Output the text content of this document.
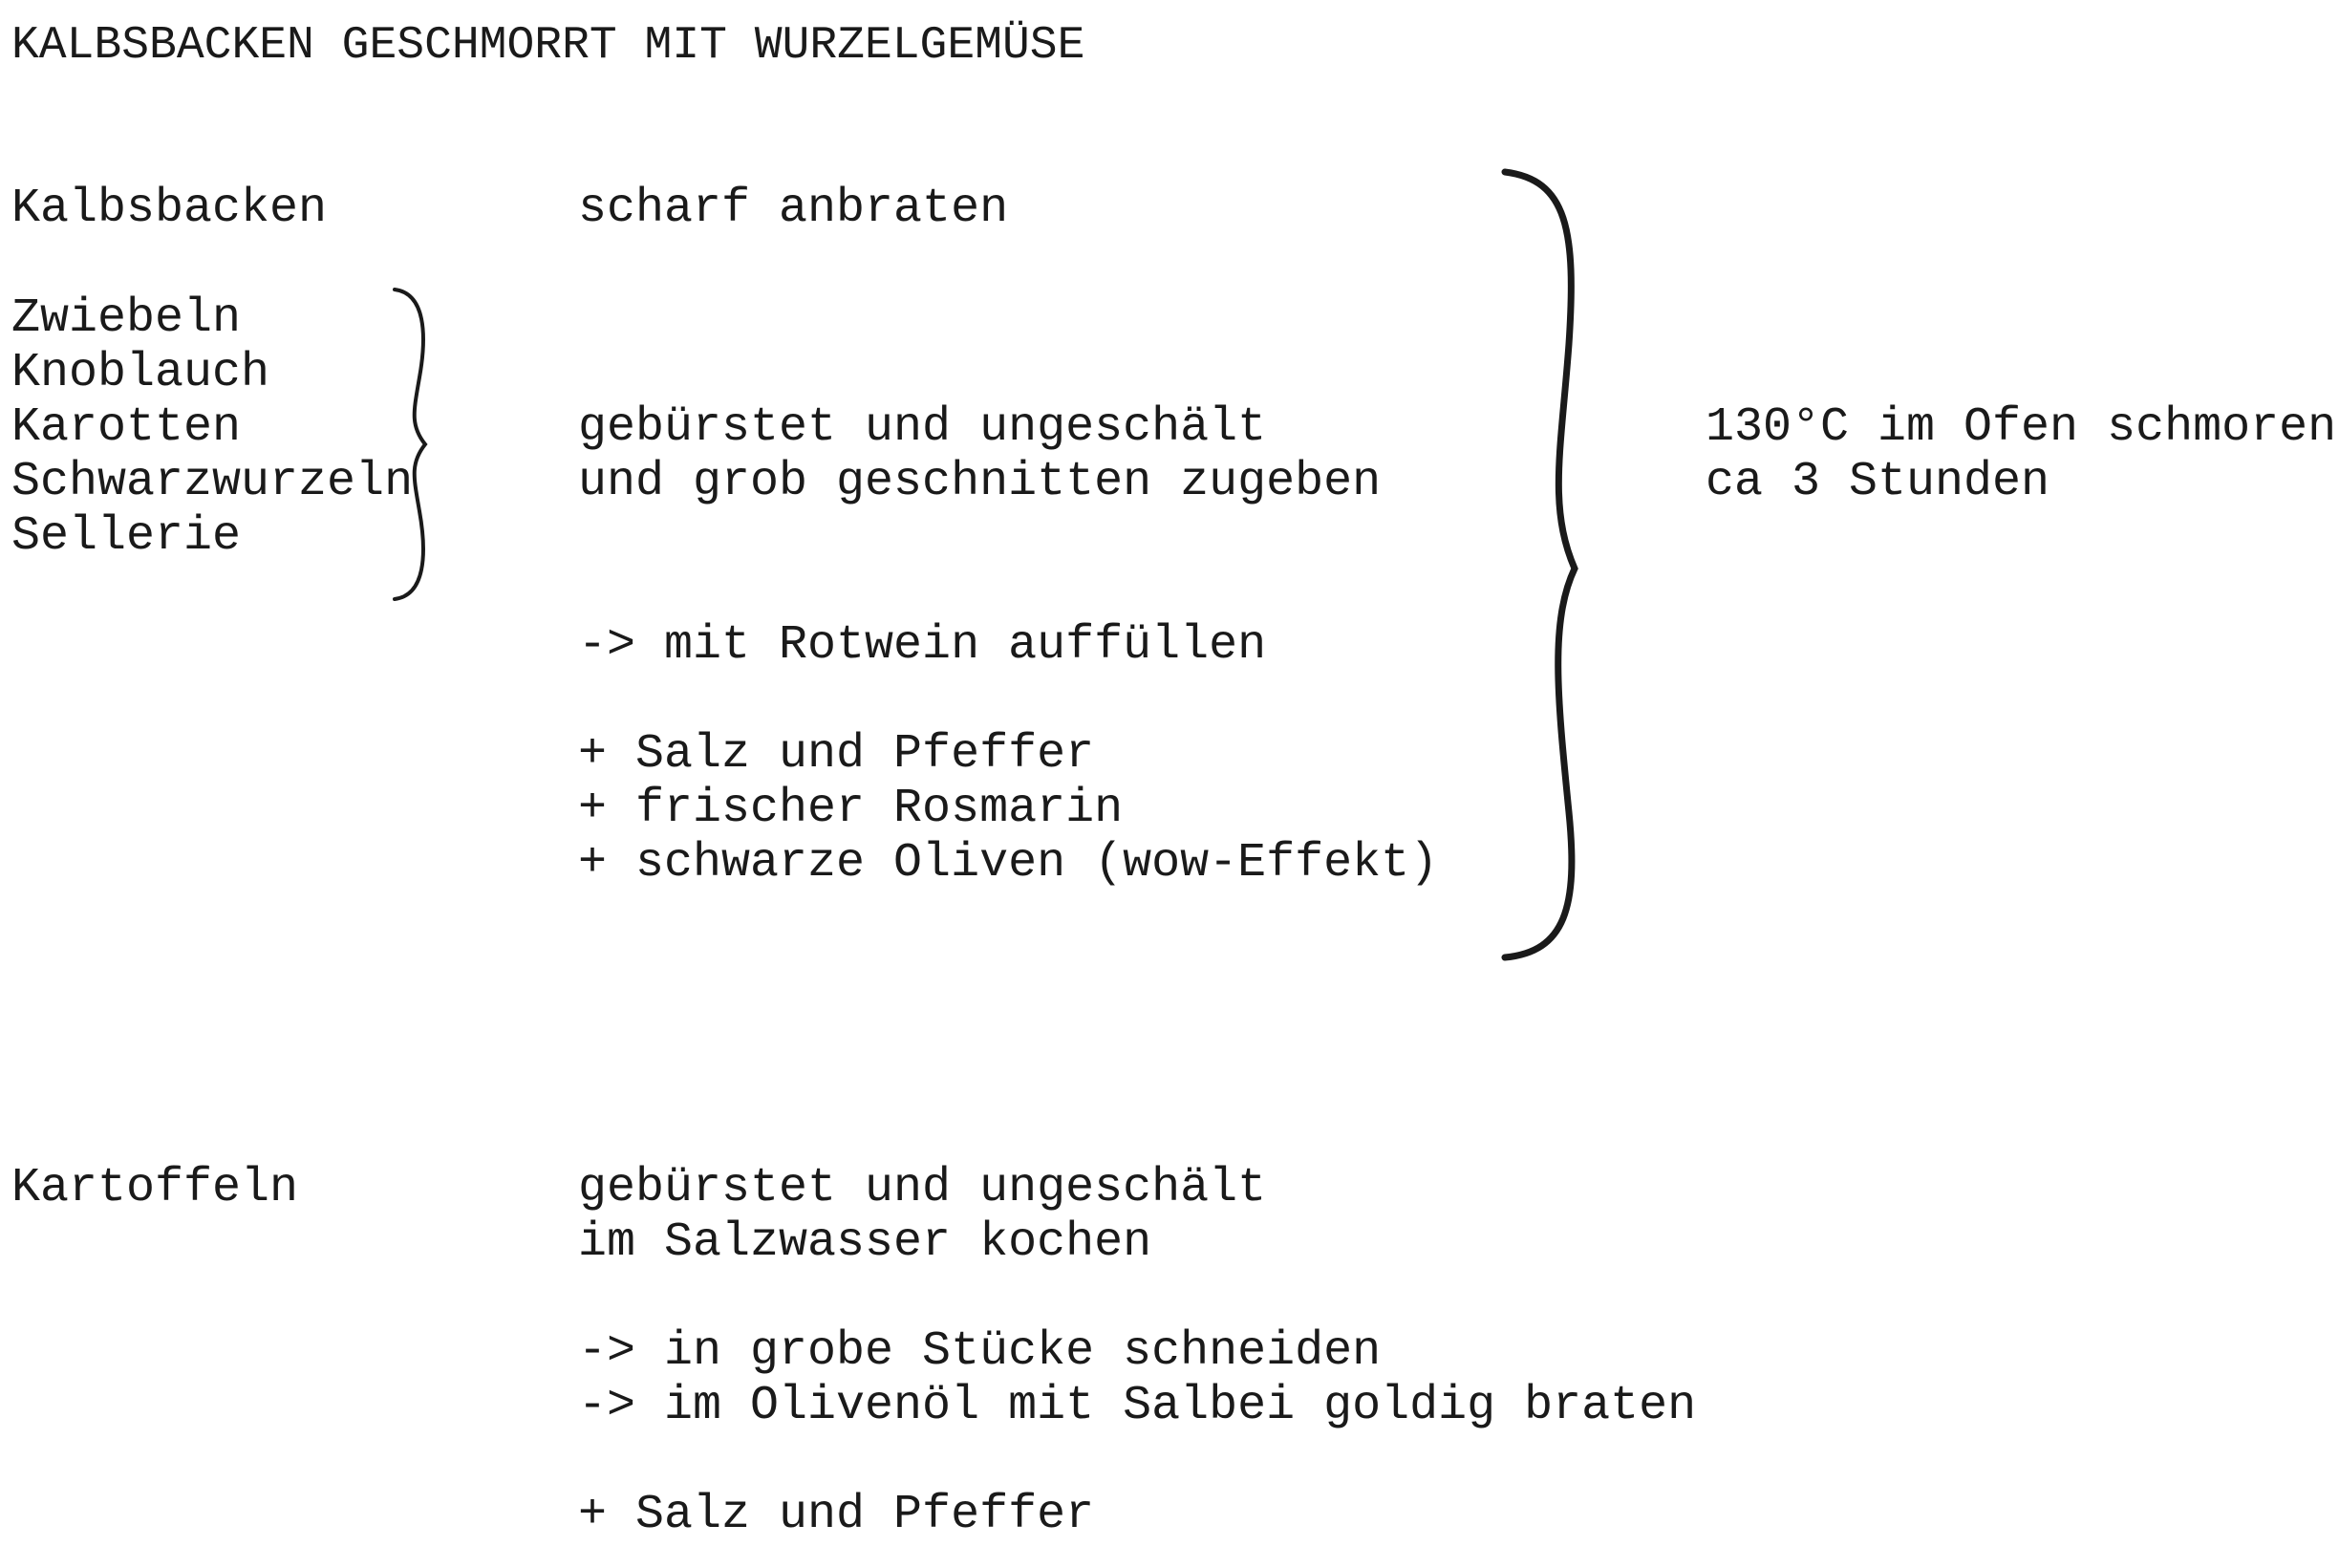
KALBSBACKEN GESCHMORRT MIT WURZELGEMÜSE
Kalbsbacken	scharf anbraten
Zwiebeln
Knoblauch
Karotten
Schwarzwurzeln
Sellerie
gebürstet und ungeschält
und grob geschnitten zugeben
-> mit Rotwein auffüllen
+ Salz und Pfeffer
+ frischer Rosmarin
+ schwarze Oliven (wow-Effekt)
130°C im Ofen schmoren
ca 3 Stunden
Kartoffeln	gebürstet und ungeschält
im Salzwasser kochen
-> in grobe Stücke schneiden
-> im Olivenöl mit Salbei goldig braten
+ Salz und Pfeffer
